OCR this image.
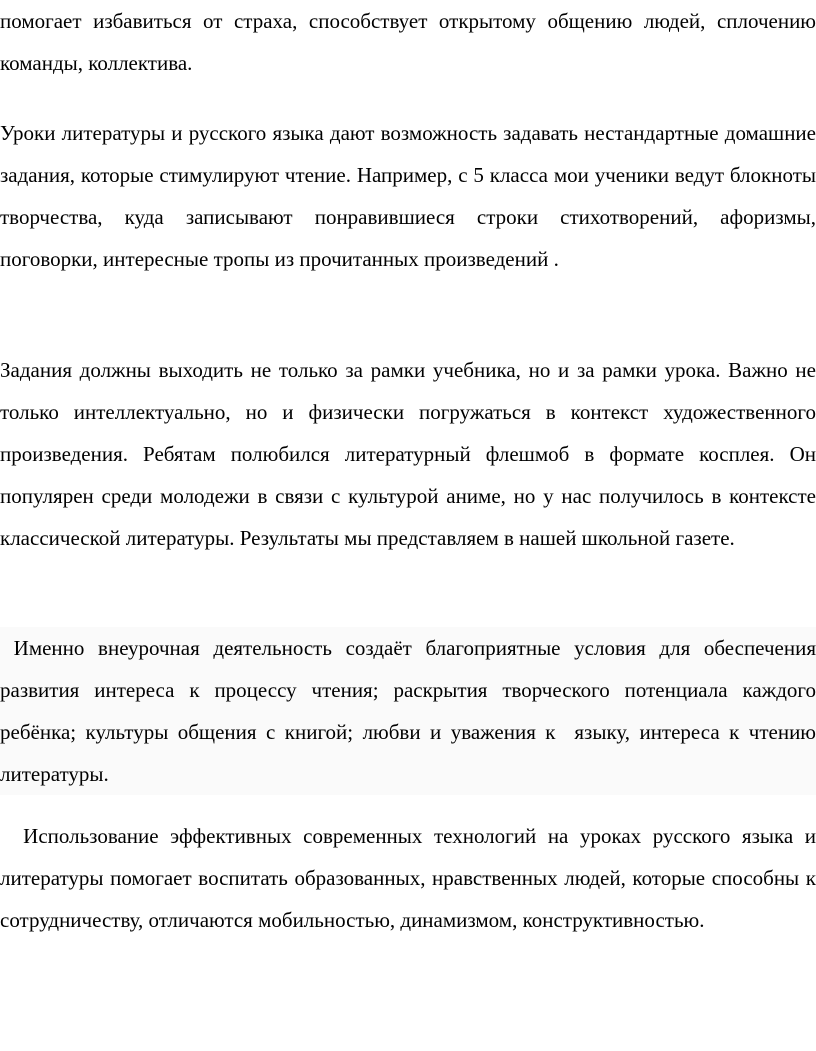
помогает избавиться от страха, способствует открытому общению людей, сплочению команды, коллектива.

Уроки литературы и русского языка дают возможность задавать нестандартные домашние задания, которые стимулируют чтение. Например, с 5 класса мои ученики ведут блокноты творчества, куда записывают понравившиеся строки стихотворений, афоризмы, поговорки, интересные тропы из прочитанных произведений .

Задания должны выходить не только за рамки учебника, но и за рамки урока. Важно не только интеллектуально, но и физически погружаться в контекст художественного произведения. Ребятам полюбился литературный флешмоб в формате косплея. Он популярен среди молодежи в связи с культурой аниме, но у нас получилось в контексте классической литературы. Результаты мы представляем в нашей школьной газете.

Именно внеурочная деятельность создаёт благоприятные условия для обеспечения развития интереса к процессу чтения; раскрытия творческого потенциала каждого ребёнка; культуры общения с книгой; любви и уважения к  языку, интереса к чтению  литературы.

Использование эффективных современных технологий на уроках русского языка и литературы помогает воспитать образованных, нравственных людей, которые способны к сотрудничеству, отличаются мобильностью, динамизмом, конструктивностью.
